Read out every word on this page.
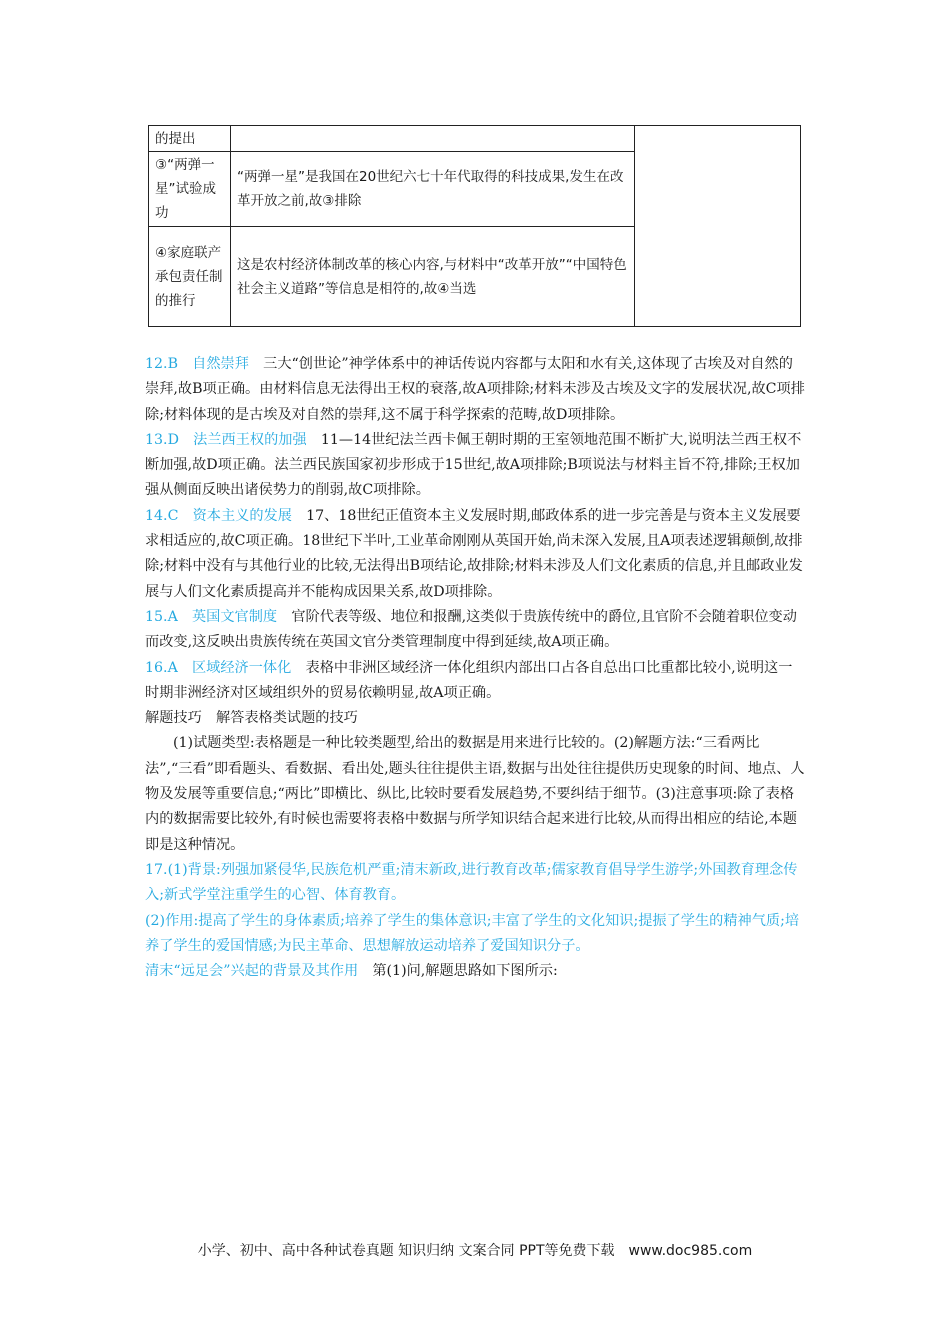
的提出		
③“两弹一星”试验成功	“两弹一星”是我国在20世纪六七十年代取得的科技成果,发生在改革开放之前,故③排除	
④家庭联产承包责任制的推行	这是农村经济体制改革的核心内容,与材料中“改革开放”“中国特色社会主义道路”等信息是相符的,故④当选	

12.B　自然崇拜　三大“创世论”神学体系中的神话传说内容都与太阳和水有关,这体现了古埃及对自然的崇拜,故B项正确。由材料信息无法得出王权的衰落,故A项排除;材料未涉及古埃及文字的发展状况,故C项排除;材料体现的是古埃及对自然的崇拜,这不属于科学探索的范畴,故D项排除。

13.D　法兰西王权的加强　11—14世纪法兰西卡佩王朝时期的王室领地范围不断扩大,说明法兰西王权不断加强,故D项正确。法兰西民族国家初步形成于15世纪,故A项排除;B项说法与材料主旨不符,排除;王权加强从侧面反映出诸侯势力的削弱,故C项排除。

14.C　资本主义的发展　17、18世纪正值资本主义发展时期,邮政体系的进一步完善是与资本主义发展要求相适应的,故C项正确。18世纪下半叶,工业革命刚刚从英国开始,尚未深入发展,且A项表述逻辑颠倒,故排除;材料中没有与其他行业的比较,无法得出B项结论,故排除;材料未涉及人们文化素质的信息,并且邮政业发展与人们文化素质提高并不能构成因果关系,故D项排除。

15.A　英国文官制度　官阶代表等级、地位和报酬,这类似于贵族传统中的爵位,且官阶不会随着职位变动而改变,这反映出贵族传统在英国文官分类管理制度中得到延续,故A项正确。

16.A　区域经济一体化　表格中非洲区域经济一体化组织内部出口占各自总出口比重都比较小,说明这一时期非洲经济对区域组织外的贸易依赖明显,故A项正确。

解题技巧　解答表格类试题的技巧

(1)试题类型:表格题是一种比较类题型,给出的数据是用来进行比较的。(2)解题方法:“三看两比法”,“三看”即看题头、看数据、看出处,题头往往提供主语,数据与出处往往提供历史现象的时间、地点、人物及发展等重要信息;“两比”即横比、纵比,比较时要看发展趋势,不要纠结于细节。(3)注意事项:除了表格内的数据需要比较外,有时候也需要将表格中数据与所学知识结合起来进行比较,从而得出相应的结论,本题即是这种情况。

17.(1)背景:列强加紧侵华,民族危机严重;清末新政,进行教育改革;儒家教育倡导学生游学;外国教育理念传入;新式学堂注重学生的心智、体育教育。

(2)作用:提高了学生的身体素质;培养了学生的集体意识;丰富了学生的文化知识;提振了学生的精神气质;培养了学生的爱国情感;为民主革命、思想解放运动培养了爱国知识分子。

清末“远足会”兴起的背景及其作用　第(1)问,解题思路如下图所示:

小学、初中、高中各种试卷真题 知识归纳 文案合同 PPT等免费下载　www.doc985.com
